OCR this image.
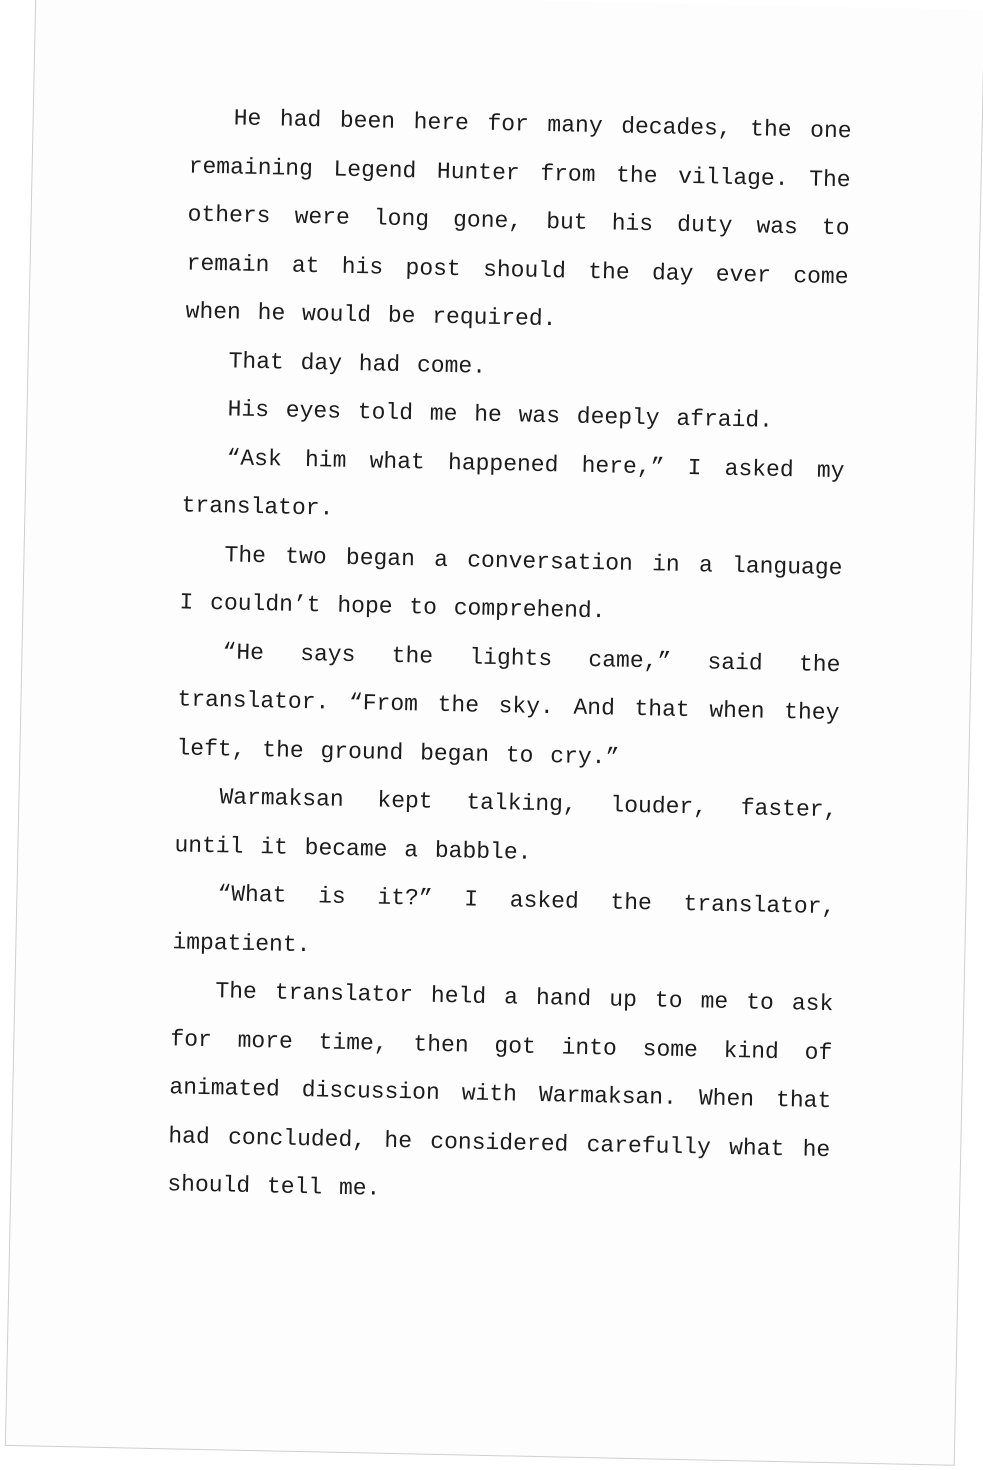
He had been here for many decades, the one remaining Legend Hunter from the village. The others were long gone, but his duty was to remain at his post should the day ever come when he would be required.

That day had come.

His eyes told me he was deeply afraid.

“Ask him what happened here,” I asked my translator.

The two began a conversation in a language I couldn’t hope to comprehend.

“He says the lights came,” said the translator. “From the sky. And that when they left, the ground began to cry.”

Warmaksan kept talking, louder, faster, until it became a babble.

“What is it?” I asked the translator, impatient.

The translator held a hand up to me to ask for more time, then got into some kind of animated discussion with Warmaksan. When that had concluded, he considered carefully what he should tell me.
